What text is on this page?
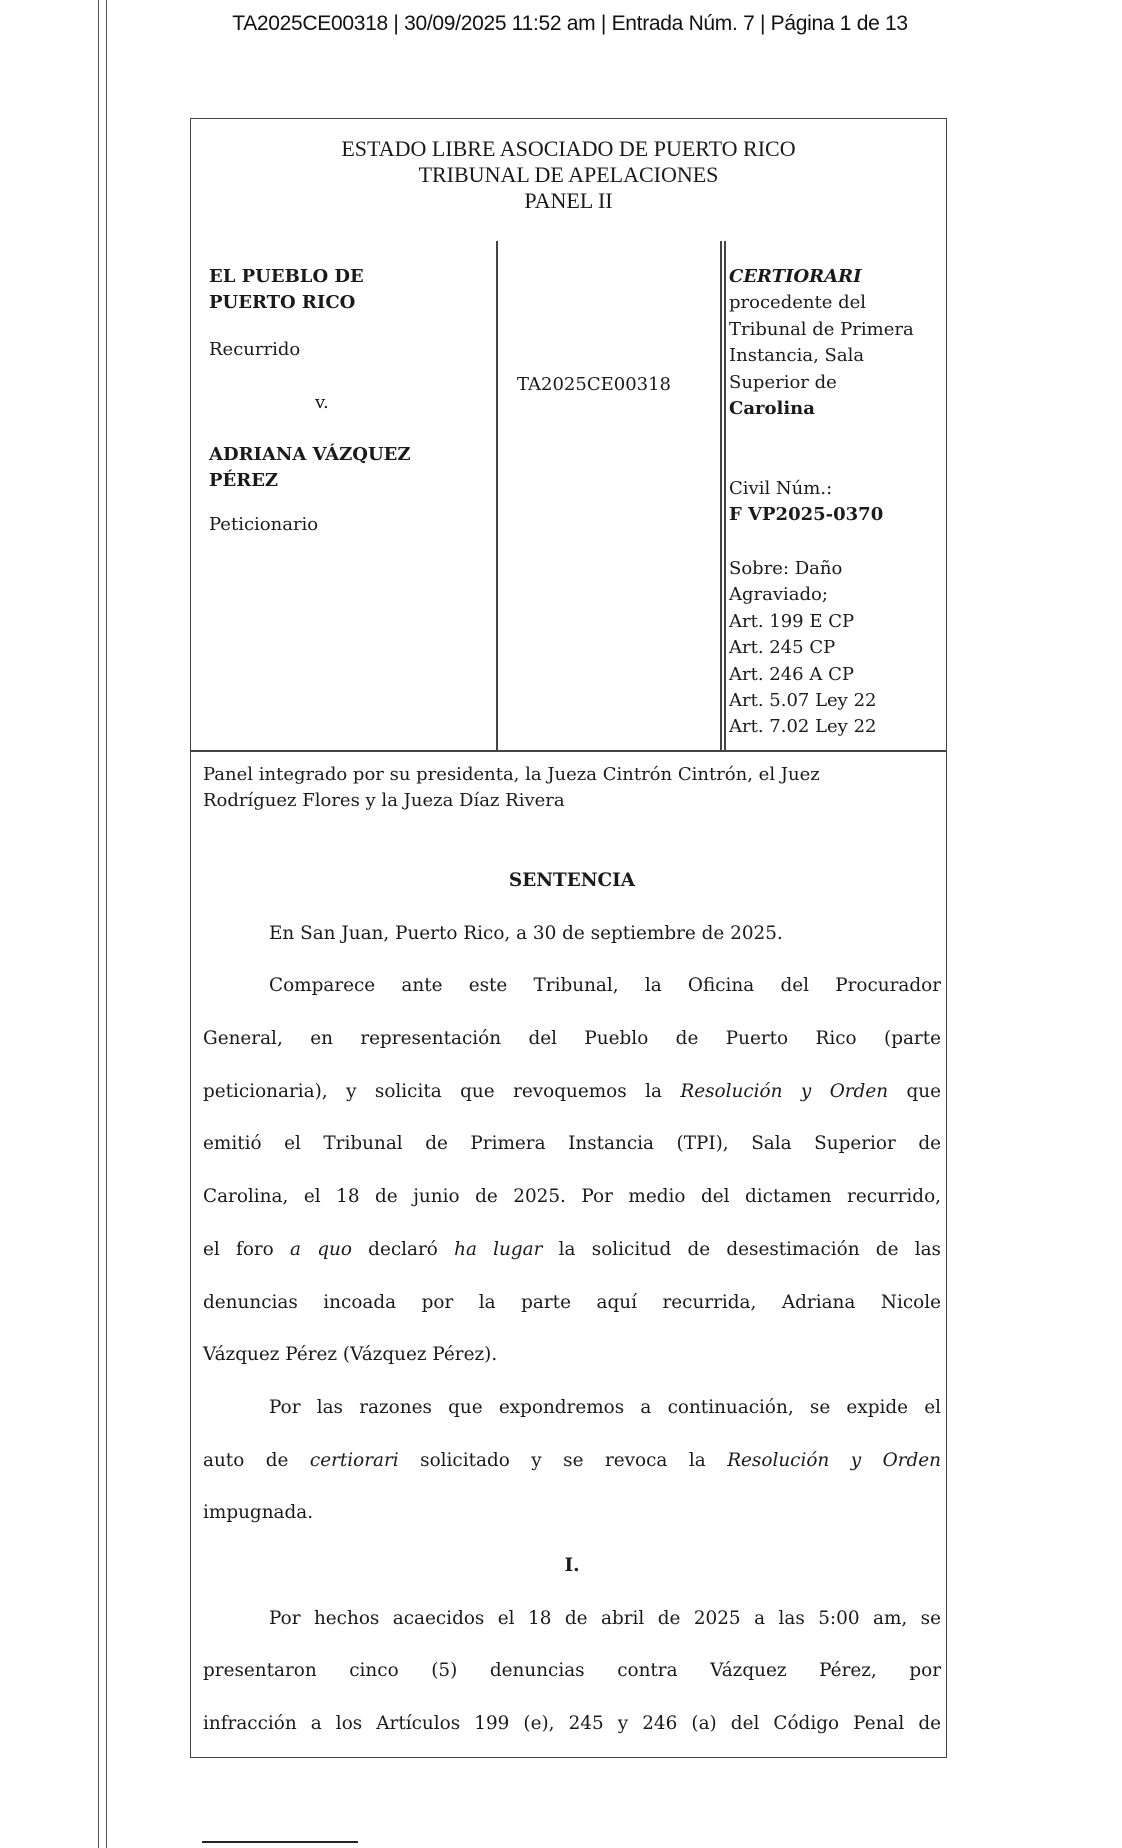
TA2025CE00318 | 30/09/2025 11:52 am | Entrada Núm. 7 | Página 1 de 13
ESTADO LIBRE ASOCIADO DE PUERTO RICO
TRIBUNAL DE APELACIONES
PANEL II
EL PUEBLO DE
PUERTO RICO
Recurrido
v.
ADRIANA VÁZQUEZ
PÉREZ
Peticionario
TA2025CE00318
CERTIORARI
procedente del
Tribunal de Primera
Instancia, Sala
Superior de
Carolina
Civil Núm.:
F VP2025-0370
Sobre: Daño
Agraviado;
Art. 199 E CP
Art. 245 CP
Art. 246 A CP
Art. 5.07 Ley 22
Art. 7.02 Ley 22
Panel integrado por su presidenta, la Jueza Cintrón Cintrón, el Juez
Rodríguez Flores y la Jueza Díaz Rivera
SENTENCIA
En San Juan, Puerto Rico, a 30 de septiembre de 2025.
Comparece ante este Tribunal, la Oficina del Procurador
General, en representación del Pueblo de Puerto Rico (parte
peticionaria), y solicita que revoquemos la Resolución y Orden que
emitió el Tribunal de Primera Instancia (TPI), Sala Superior de
Carolina, el 18 de junio de 2025. Por medio del dictamen recurrido,
el foro a quo declaró ha lugar la solicitud de desestimación de las
denuncias incoada por la parte aquí recurrida, Adriana Nicole
Vázquez Pérez (Vázquez Pérez).
Por las razones que expondremos a continuación, se expide el
auto de certiorari solicitado y se revoca la Resolución y Orden
impugnada.
I.
Por hechos acaecidos el 18 de abril de 2025 a las 5:00 am, se
presentaron cinco (5) denuncias contra Vázquez Pérez, por
infracción a los Artículos 199 (e), 245 y 246 (a) del Código Penal de
